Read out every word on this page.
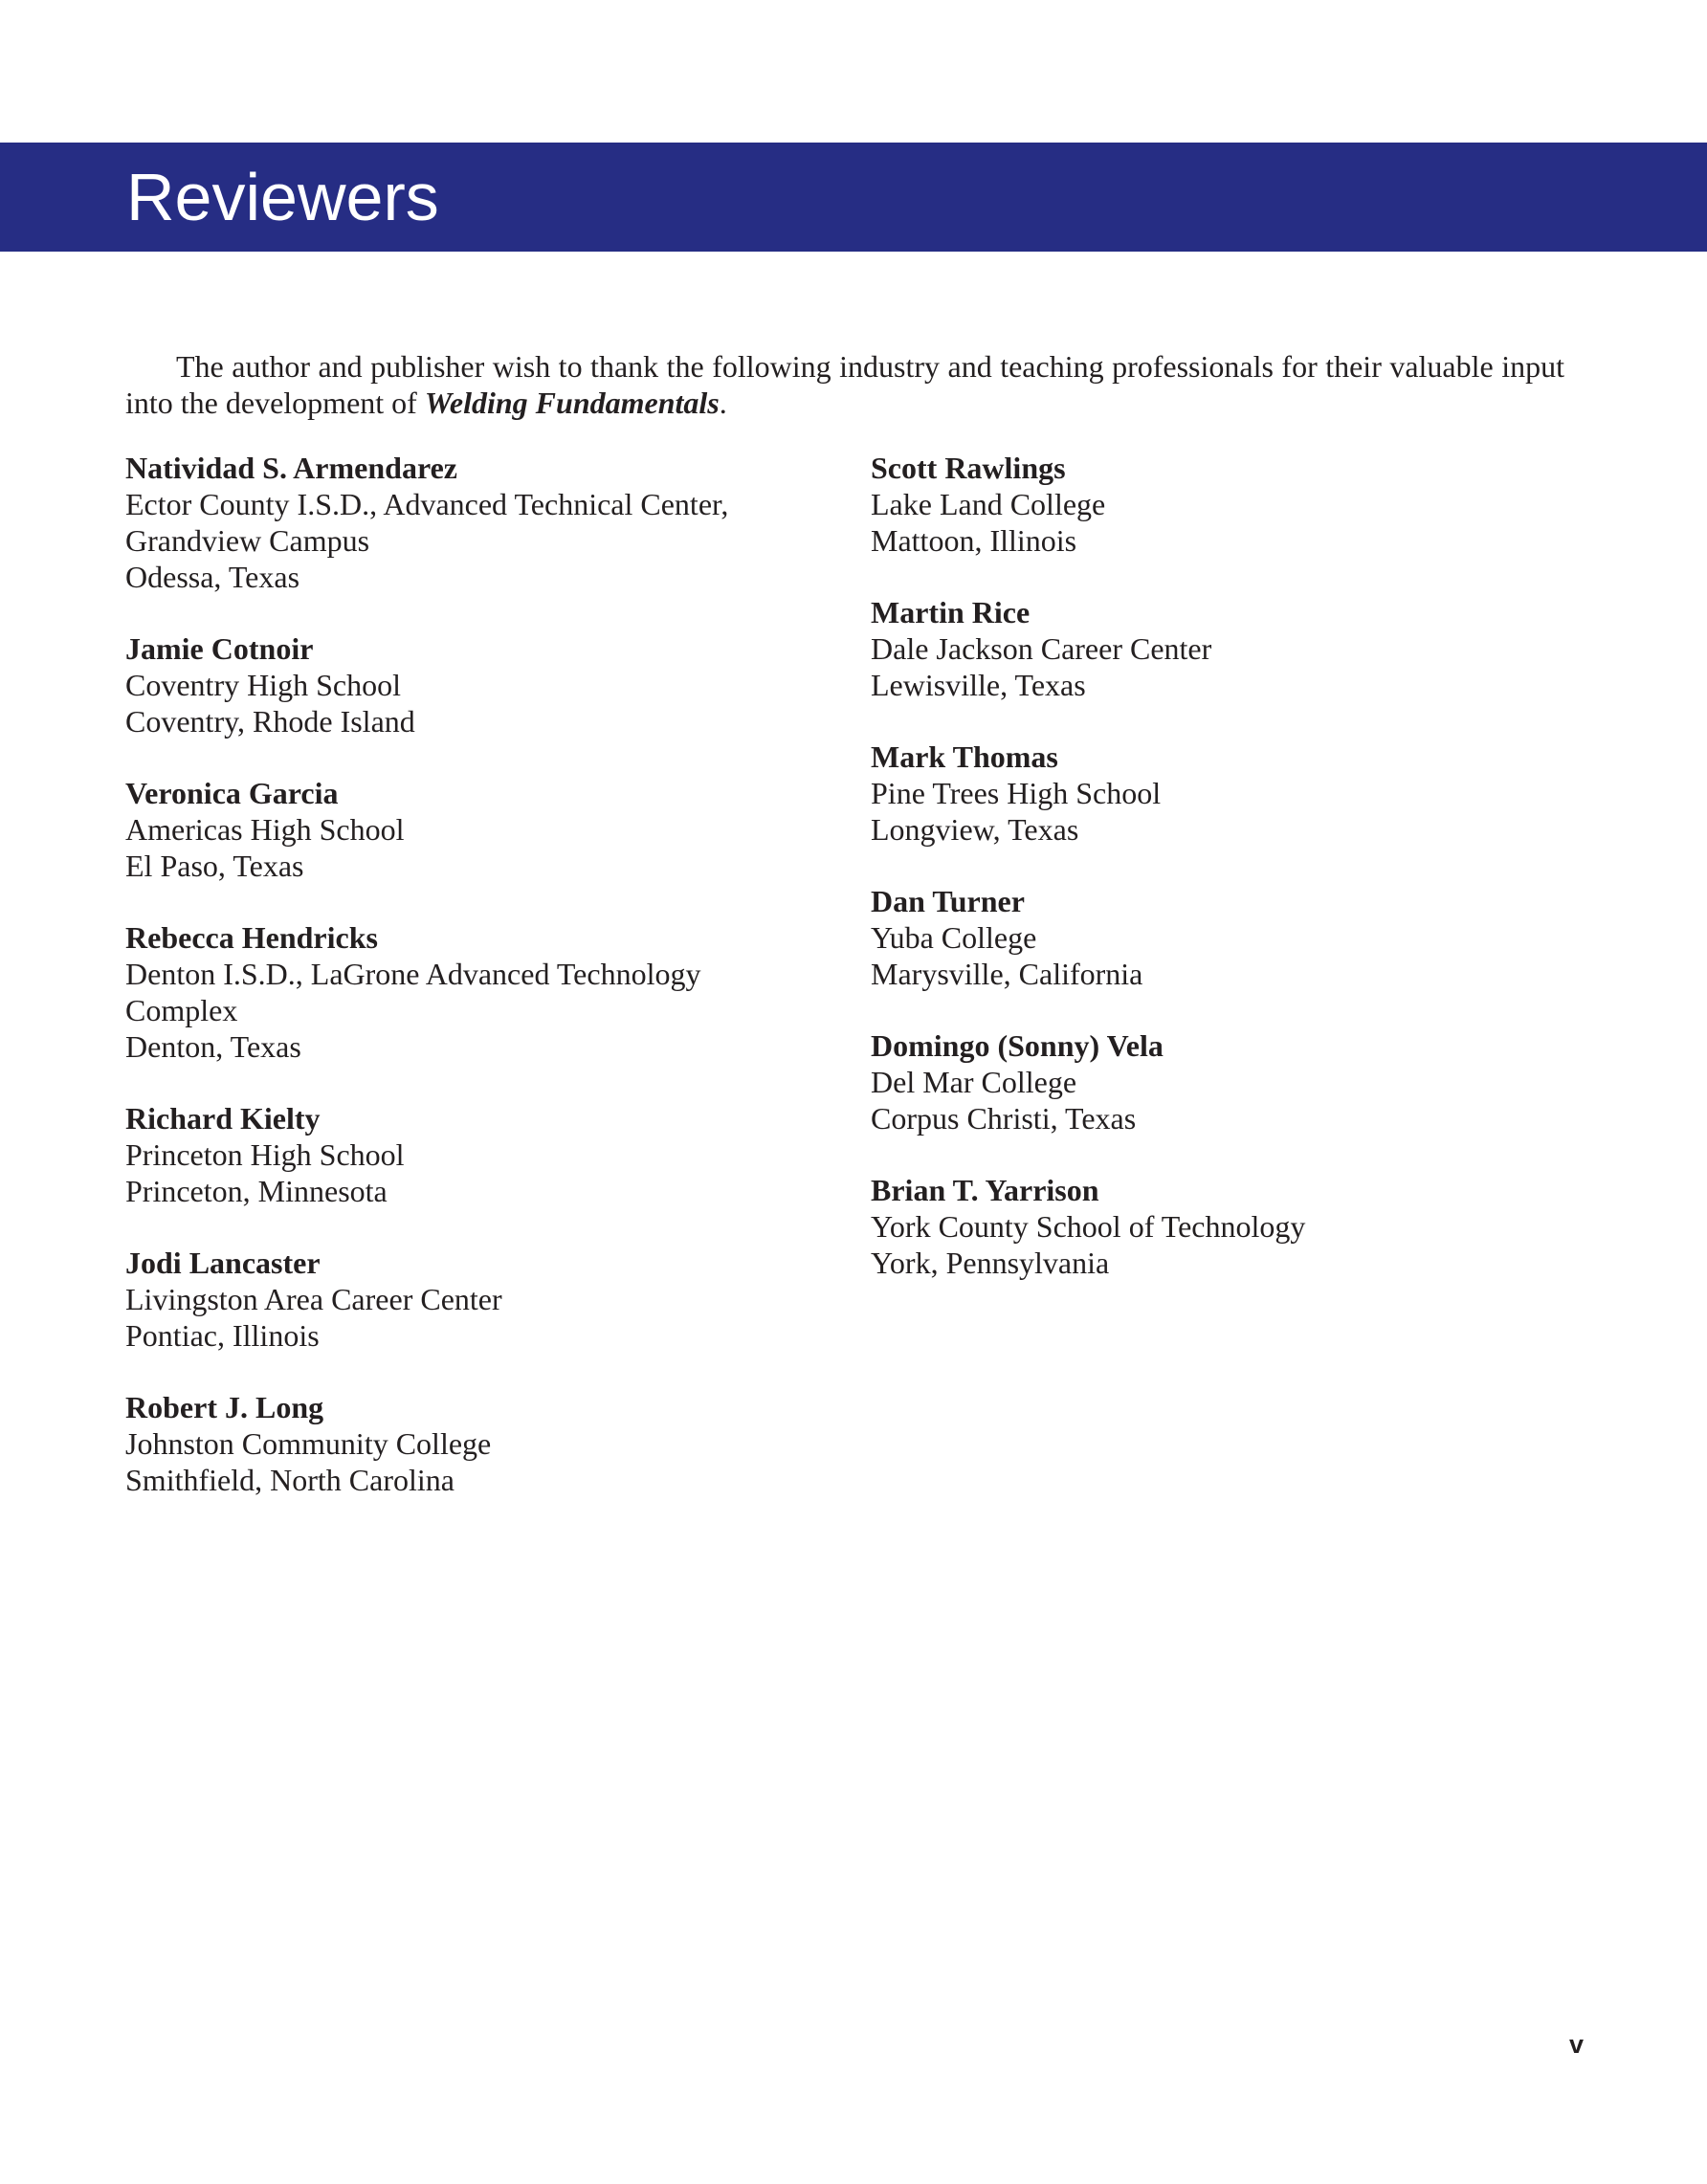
Reviewers

The author and publisher wish to thank the following industry and teaching professionals for their valuable input into the development of Welding Fundamentals.

Natividad S. Armendarez
Ector County I.S.D., Advanced Technical Center,
Grandview Campus
Odessa, Texas
Jamie Cotnoir
Coventry High School
Coventry, Rhode Island
Veronica Garcia
Americas High School
El Paso, Texas
Rebecca Hendricks
Denton I.S.D., LaGrone Advanced Technology
Complex
Denton, Texas
Richard Kielty
Princeton High School
Princeton, Minnesota
Jodi Lancaster
Livingston Area Career Center
Pontiac, Illinois
Robert J. Long
Johnston Community College
Smithfield, North Carolina
Scott Rawlings
Lake Land College
Mattoon, Illinois
Martin Rice
Dale Jackson Career Center
Lewisville, Texas
Mark Thomas
Pine Trees High School
Longview, Texas
Dan Turner
Yuba College
Marysville, California
Domingo (Sonny) Vela
Del Mar College
Corpus Christi, Texas
Brian T. Yarrison
York County School of Technology
York, Pennsylvania
v
